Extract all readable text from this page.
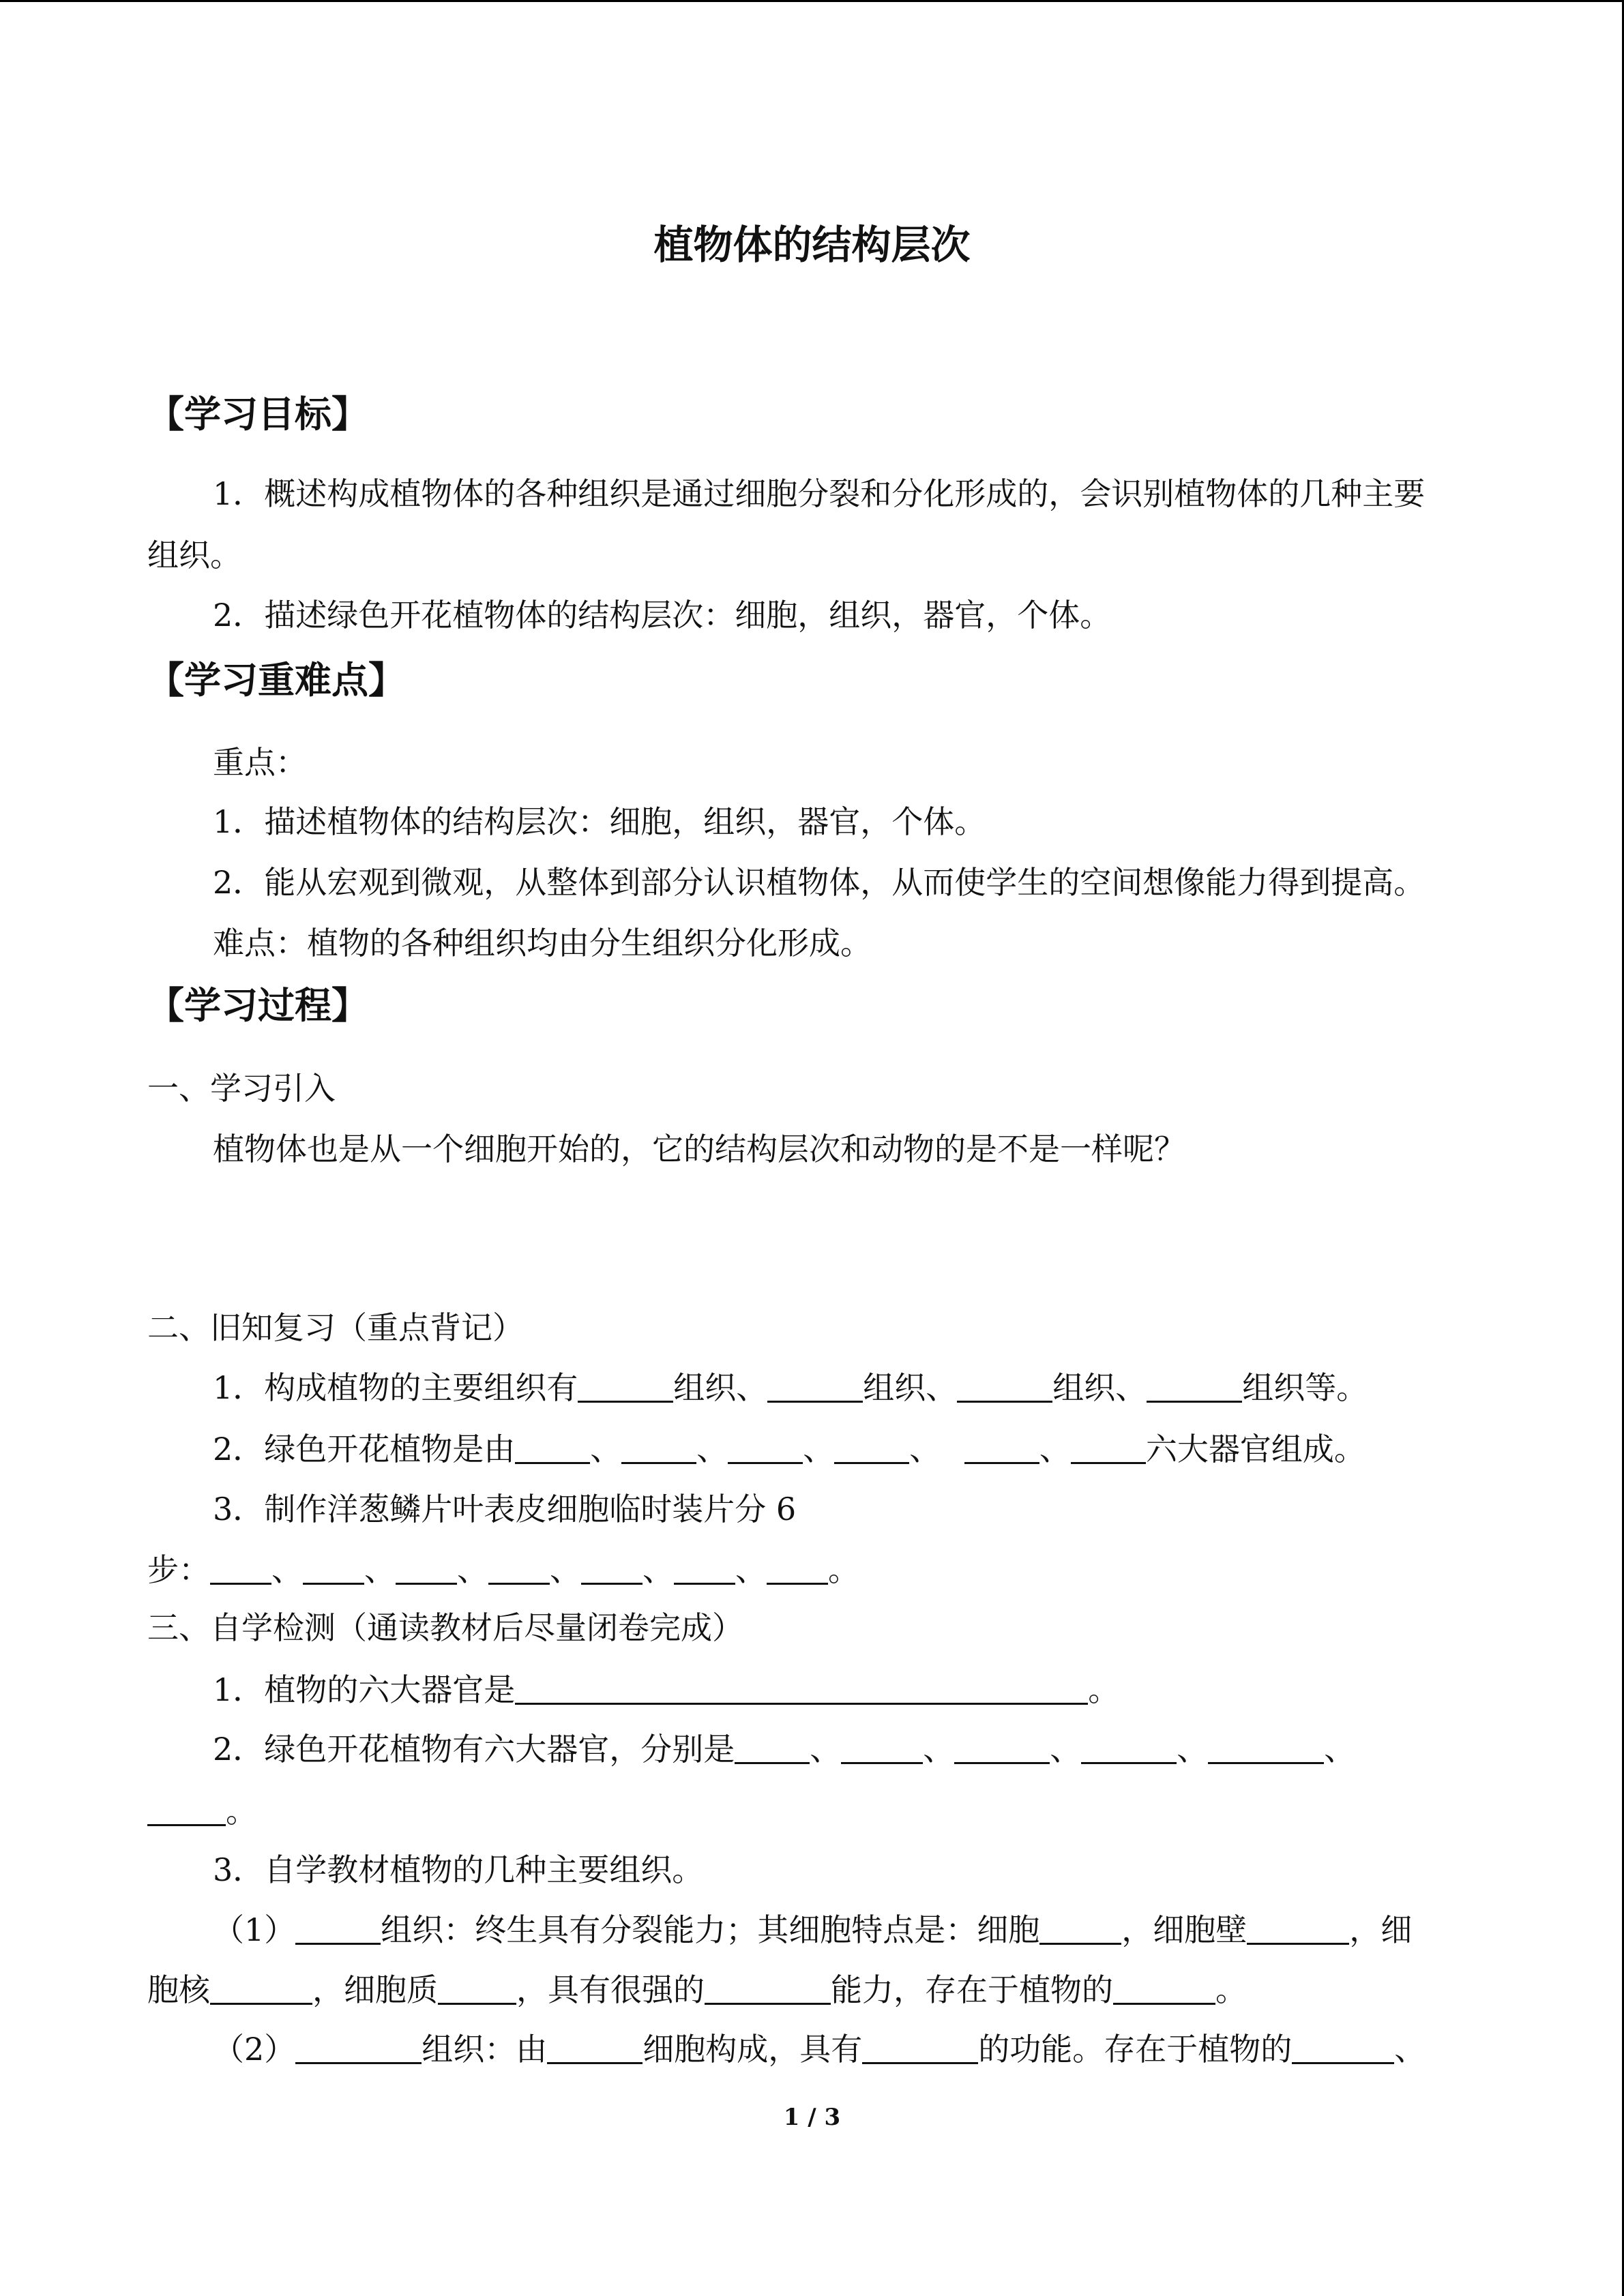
植物体的结构层次
【学习目标】
1．概述构成植物体的各种组织是通过细胞分裂和分化形成的，会识别植物体的几种主要
组织。
2．描述绿色开花植物体的结构层次：细胞，组织，器官，个体。
【学习重难点】
重点：
1．描述植物体的结构层次：细胞，组织，器官，个体。
2．能从宏观到微观，从整体到部分认识植物体，从而使学生的空间想像能力得到提高。
难点：植物的各种组织均由分生组织分化形成。
【学习过程】
一、学习引入
植物体也是从一个细胞开始的，它的结构层次和动物的是不是一样呢？
二、旧知复习（重点背记）
1．构成植物的主要组织有	组织、	组织、	组织、	组织等。
2．绿色开花植物是由 、 、 、 、	、 六大器官组成。
3．制作洋葱鳞片叶表皮细胞临时装片分 6
步： 、 、 、 、 、 、 。
三、自学检测（通读教材后尽量闭卷完成）
1．植物的六大器官是	。
2．绿色开花植物有六大器官，分别是 、	、	、	、	、
。
3．自学教材植物的几种主要组织。
（1）	组织：终生具有分裂能力；其细胞特点是：细胞	，细胞壁	，细
胞核	，细胞质	，具有很强的	能力，存在于植物的	。
（2）	组织：由	细胞构成，具有	的功能。存在于植物的	、
1 / 3
